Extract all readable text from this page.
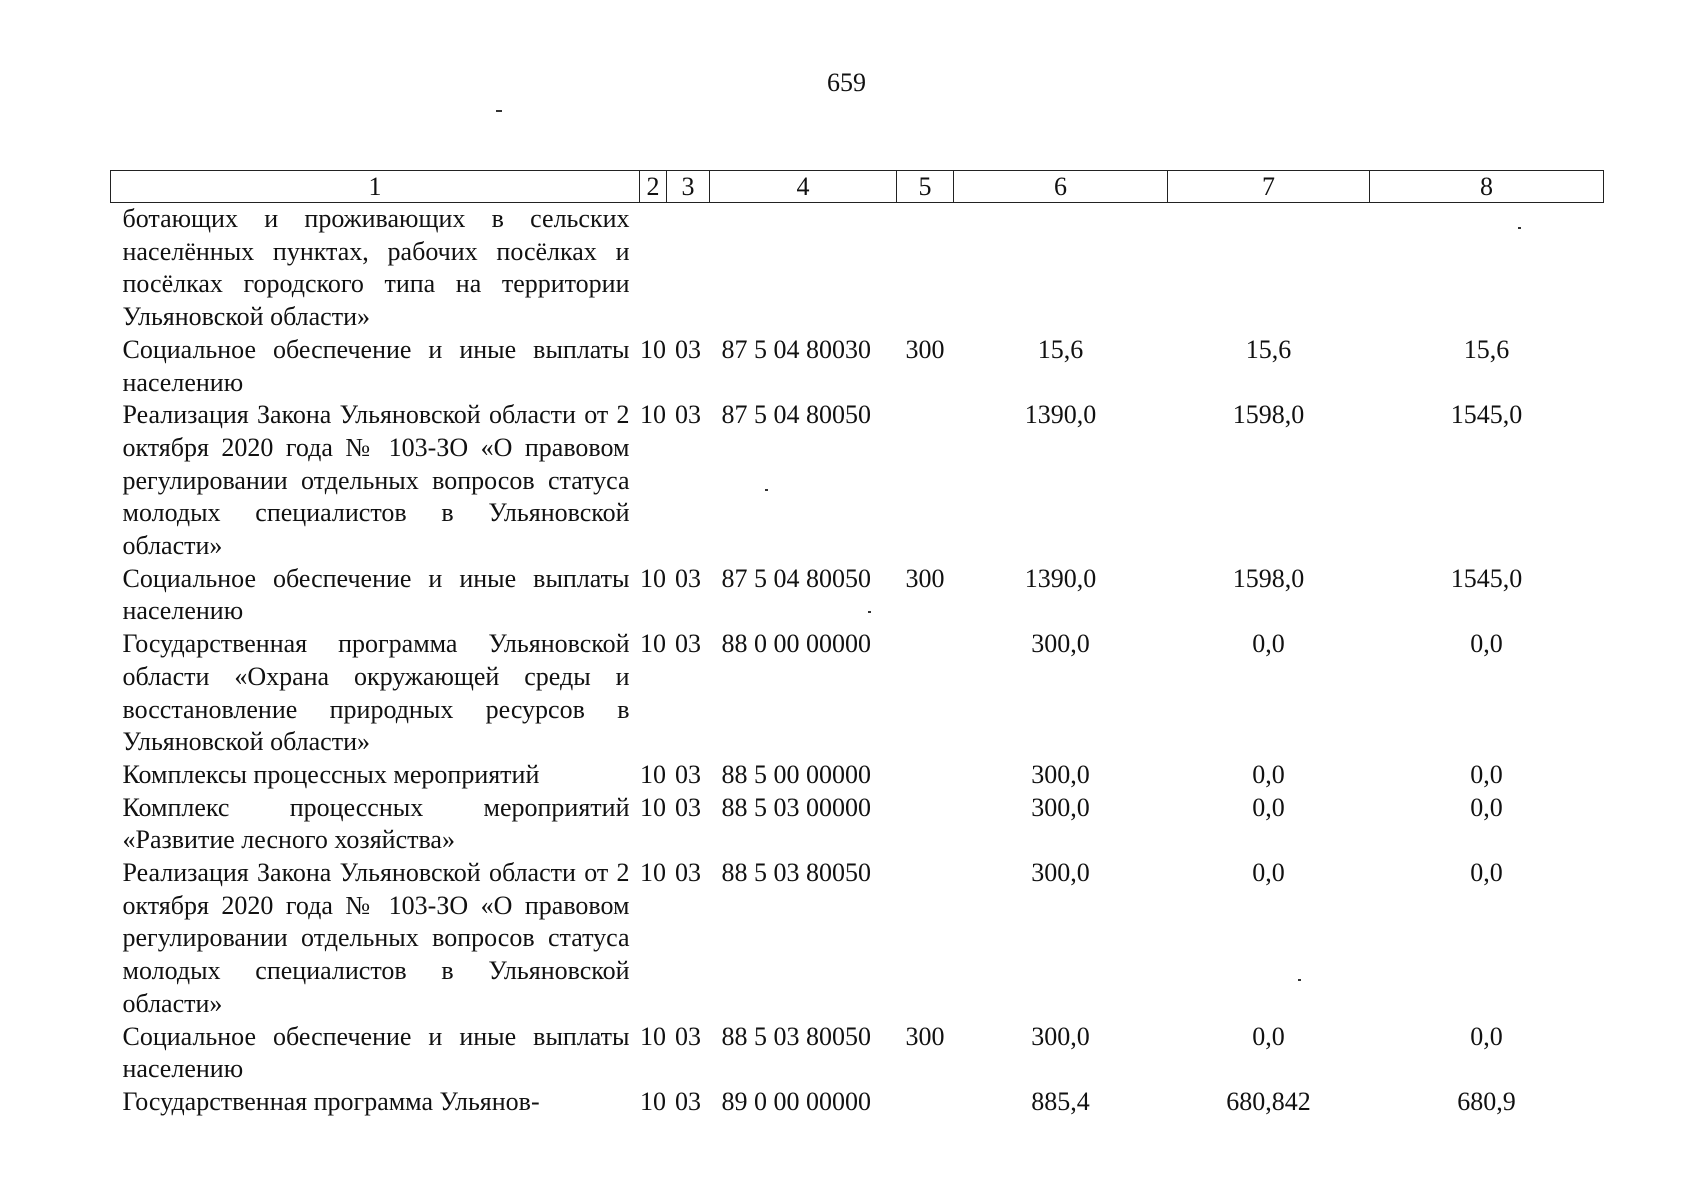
659
1	2	3	4	5	6	7	8
ботающих и проживающих в сельских населённых пунктах, рабочих посёлках и посёлках городского типа на территории Ульяновской области»							
Социальное обеспечение и иные выплаты населению	10	03	87 5 04 80030	300	15,6	15,6	15,6
Реализация Закона Ульяновской области от 2 октября 2020 года № 103-ЗО «О правовом регулировании отдельных вопросов статуса молодых специалистов в Ульяновской области»	10	03	87 5 04 80050		1390,0	1598,0	1545,0
Социальное обеспечение и иные выплаты населению	10	03	87 5 04 80050	300	1390,0	1598,0	1545,0
Государственная программа Ульяновской области «Охрана окружающей среды и восстановление природных ресурсов в Ульяновской области»	10	03	88 0 00 00000		300,0	0,0	0,0
Комплексы процессных мероприятий	10	03	88 5 00 00000		300,0	0,0	0,0
Комплекс процессных мероприятий «Развитие лесного хозяйства»	10	03	88 5 03 00000		300,0	0,0	0,0
Реализация Закона Ульяновской области от 2 октября 2020 года № 103-ЗО «О правовом регулировании отдельных вопросов статуса молодых специалистов в Ульяновской области»	10	03	88 5 03 80050		300,0	0,0	0,0
Социальное обеспечение и иные выплаты населению	10	03	88 5 03 80050	300	300,0	0,0	0,0
Государственная программа Ульянов-	10	03	89 0 00 00000		885,4	680,842	680,9
